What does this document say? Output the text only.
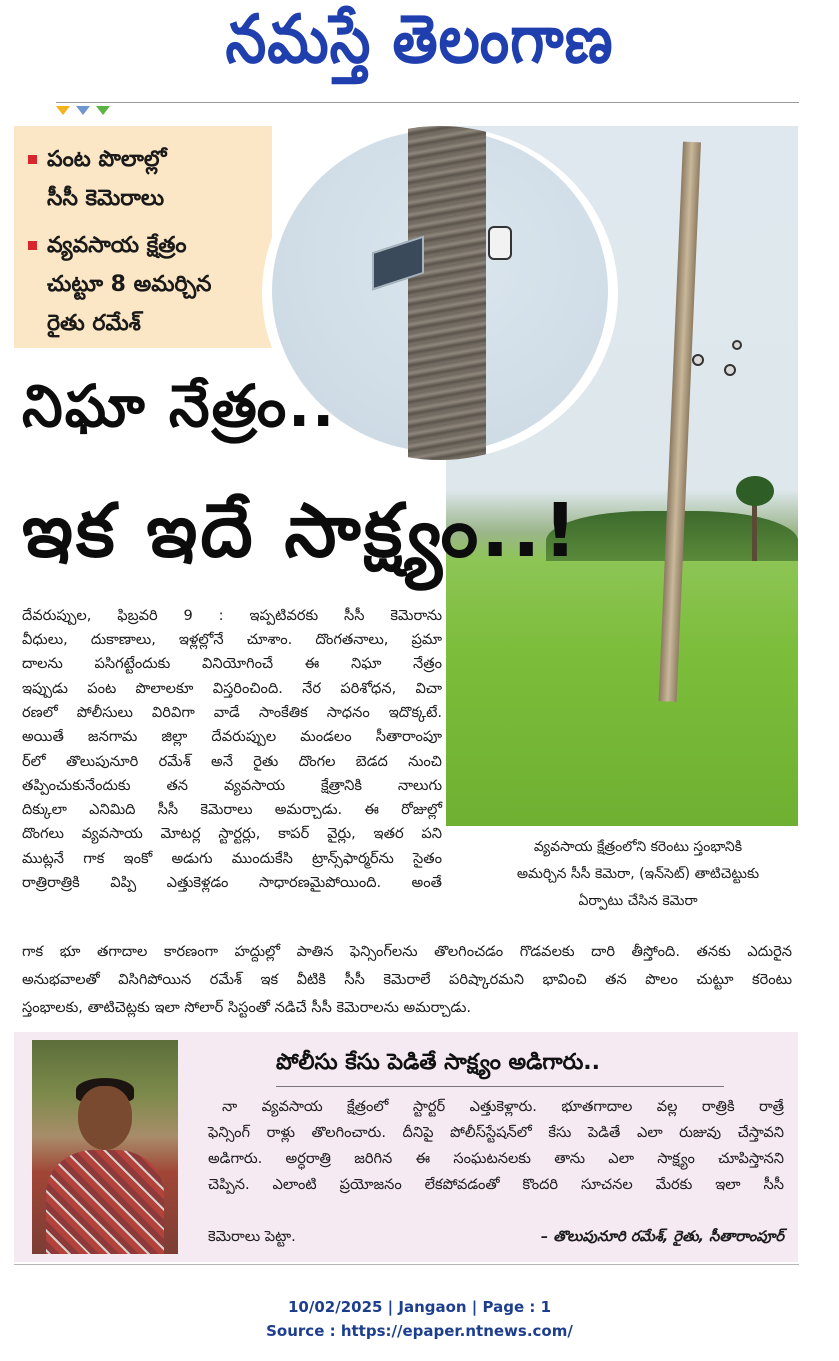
నమస్తే తెలంగాణ

పంట పొలాల్లో
సీసీ కెమెరాలు
వ్యవసాయ క్షేత్రం
చుట్టూ 8 అమర్చిన
రైతు రమేశ్
నిఘా నేత్రం..
ఇక ఇదే సాక్ష్యం..!
దేవరుప్పుల, ఫిబ్రవరి 9 : ఇప్పటివరకు సీసీ కెమెరాను
వీధులు, దుకాణాలు, ఇళ్లల్లోనే చూశాం. దొంగతనాలు, ప్రమా
దాలను పసిగట్టేందుకు వినియోగించే ఈ నిఘా నేత్రం
ఇప్పుడు పంట పొలాలకూ విస్తరించింది. నేర పరిశోధన, విచా
రణలో పోలీసులు విరివిగా వాడే సాంకేతిక సాధనం ఇదొక్కటే.
అయితే జనగామ జిల్లా దేవరుప్పుల మండలం సీతారాంపూ
ర్‌లో తొలుపునూరి రమేశ్ అనే రైతు దొంగల బెడద నుంచి
తప్పించుకునేందుకు తన వ్యవసాయ క్షేత్రానికి నాలుగు
దిక్కులా ఎనిమిది సీసీ కెమెరాలు అమర్చాడు. ఈ రోజుల్లో
దొంగలు వ్యవసాయ మోటర్ల స్టార్టర్లు, కాపర్ వైర్లు, ఇతర పని
ముట్లనే గాక ఇంకో అడుగు ముందుకేసి ట్రాన్స్‌ఫార్మర్‌ను సైతం
రాత్రిరాత్రికి విప్పి ఎత్తుకెళ్లడం సాధారణమైపోయింది. అంతే
వ్యవసాయ క్షేత్రంలోని కరెంటు స్తంభానికి
అమర్చిన సీసీ కెమెరా, (ఇన్‌సెట్) తాటిచెట్టుకు
ఏర్పాటు చేసిన కెమెరా
గాక భూ తగాదాల కారణంగా హద్దుల్లో పాతిన ఫెన్సింగ్‌లను తొలగించడం గొడవలకు దారి తీస్తోంది. తనకు ఎదురైన
అనుభవాలతో విసిగిపోయిన రమేశ్ ఇక వీటికి సీసీ కెమెరాలే పరిష్కారమని భావించి తన పొలం చుట్టూ కరెంటు
స్తంభాలకు, తాటిచెట్లకు ఇలా సోలార్ సిస్టంతో నడిచే సీసీ కెమెరాలను అమర్చాడు.
పోలీసు కేసు పెడితే సాక్ష్యం అడిగారు..
నా వ్యవసాయ క్షేత్రంలో స్టార్టర్ ఎత్తుకెళ్లారు. భూతగాదాల వల్ల రాత్రికి రాత్రే
ఫెన్సింగ్ రాళ్లు తొలగించారు. దీనిపై పోలీస్‌స్టేషన్‌లో కేసు పెడితే ఎలా రుజువు చేస్తావని
అడిగారు. అర్ధరాత్రి జరిగిన ఈ సంఘటనలకు తాను ఎలా సాక్ష్యం చూపిస్తానని
చెప్పిన. ఎలాంటి ప్రయోజనం లేకపోవడంతో కొందరి సూచనల మేరకు ఇలా సీసీ
కెమెరాలు పెట్టా.	– తొలుపునూరి రమేశ్, రైతు, సీతారాంపూర్
10/02/2025 | Jangaon | Page : 1
Source : https://epaper.ntnews.com/
